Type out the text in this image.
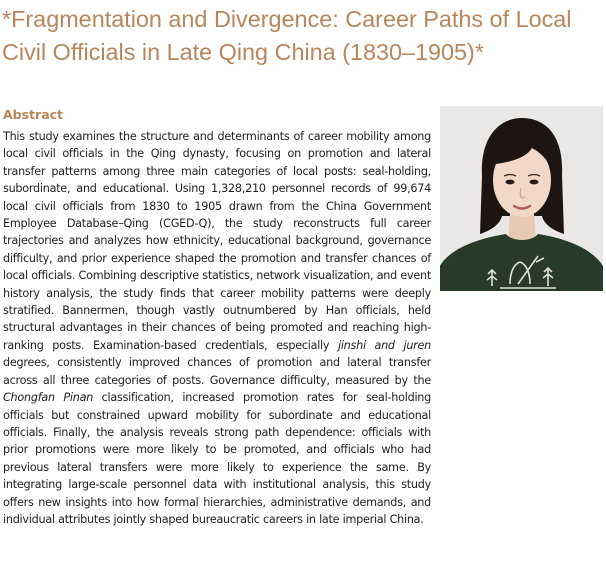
*Fragmentation and Divergence: Career Paths of Local Civil Officials in Late Qing China (1830–1905)*
Abstract

This study examines the structure and determinants of career mobility among local civil officials in the Qing dynasty, focusing on promotion and lateral transfer patterns among three main categories of local posts: seal-holding, subordinate, and educational. Using 1,328,210 personnel records of 99,674 local civil officials from 1830 to 1905 drawn from the China Government Employee Database–Qing (CGED-Q), the study reconstructs full career trajectories and analyzes how ethnicity, educational background, governance difficulty, and prior experience shaped the promotion and transfer chances of local officials. Combining descriptive statistics, network visualization, and event history analysis, the study finds that career mobility patterns were deeply stratified. Bannermen, though vastly outnumbered by Han officials, held structural advantages in their chances of being promoted and reaching high-ranking posts. Examination-based credentials, especially jinshi and juren degrees, consistently improved chances of promotion and lateral transfer across all three categories of posts. Governance difficulty, measured by the Chongfan Pinan classification, increased promotion rates for seal-holding officials but constrained upward mobility for subordinate and educational officials. Finally, the analysis reveals strong path dependence: officials with prior promotions were more likely to be promoted, and officials who had previous lateral transfers were more likely to experience the same. By integrating large-scale personnel data with institutional analysis, this study offers new insights into how formal hierarchies, administrative demands, and individual attributes jointly shaped bureaucratic careers in late imperial China.
